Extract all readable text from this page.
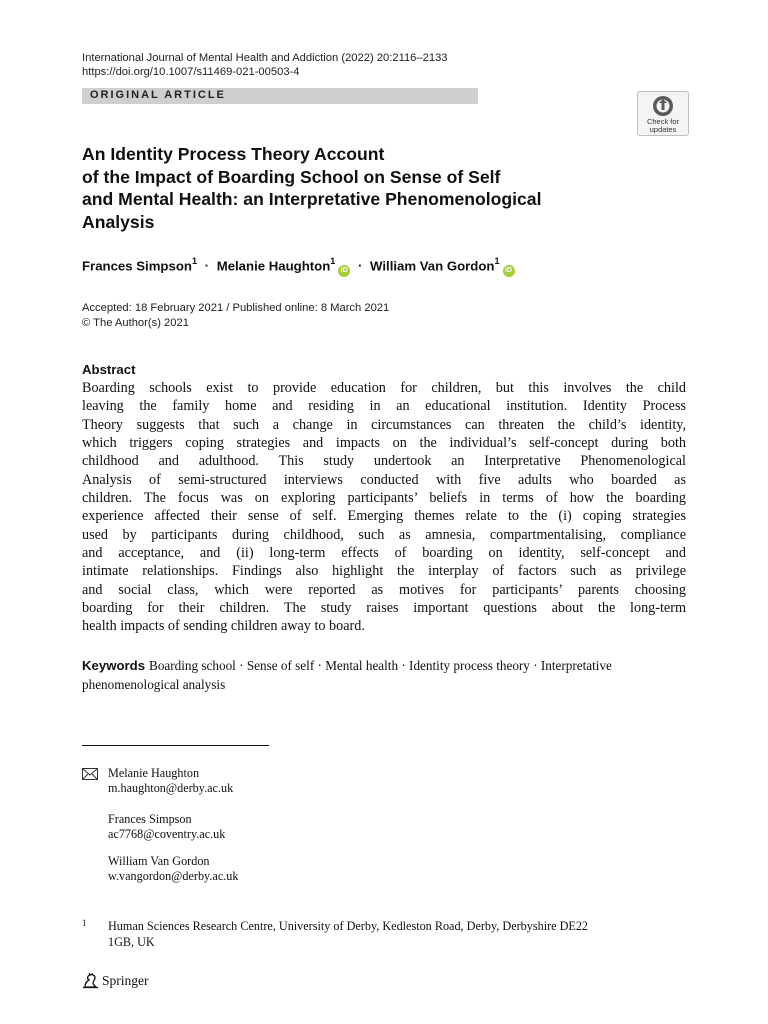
International Journal of Mental Health and Addiction (2022) 20:2116–2133
https://doi.org/10.1007/s11469-021-00503-4
ORIGINAL ARTICLE
Check for
updates
An Identity Process Theory Account
of the Impact of Boarding School on Sense of Self
and Mental Health: an Interpretative Phenomenological
Analysis
Frances Simpson$^1$ · Melanie Haughton$^1$iD · William Van Gordon$^1$iD
Accepted: 18 February 2021 / Published online: 8 March 2021
© The Author(s) 2021
Abstract
Boarding schools exist to provide education for children, but this involves the child
leaving the family home and residing in an educational institution. Identity Process
Theory suggests that such a change in circumstances can threaten the child’s identity,
which triggers coping strategies and impacts on the individual’s self-concept during both
childhood and adulthood. This study undertook an Interpretative Phenomenological
Analysis of semi-structured interviews conducted with five adults who boarded as
children. The focus was on exploring participants’ beliefs in terms of how the boarding
experience affected their sense of self. Emerging themes relate to the (i) coping strategies
used by participants during childhood, such as amnesia, compartmentalising, compliance
and acceptance, and (ii) long-term effects of boarding on identity, self-concept and
intimate relationships. Findings also highlight the interplay of factors such as privilege
and social class, which were reported as motives for participants’ parents choosing
boarding for their children. The study raises important questions about the long-term
health impacts of sending children away to board.
Keywords Boarding school · Sense of self · Mental health · Identity process theory · Interpretative
phenomenological analysis
Melanie Haughton
m.haughton@derby.ac.uk
Frances Simpson
ac7768@coventry.ac.uk
William Van Gordon
w.vangordon@derby.ac.uk
1 Human Sciences Research Centre, University of Derby, Kedleston Road, Derby, Derbyshire DE22
1GB, UK
Springer
